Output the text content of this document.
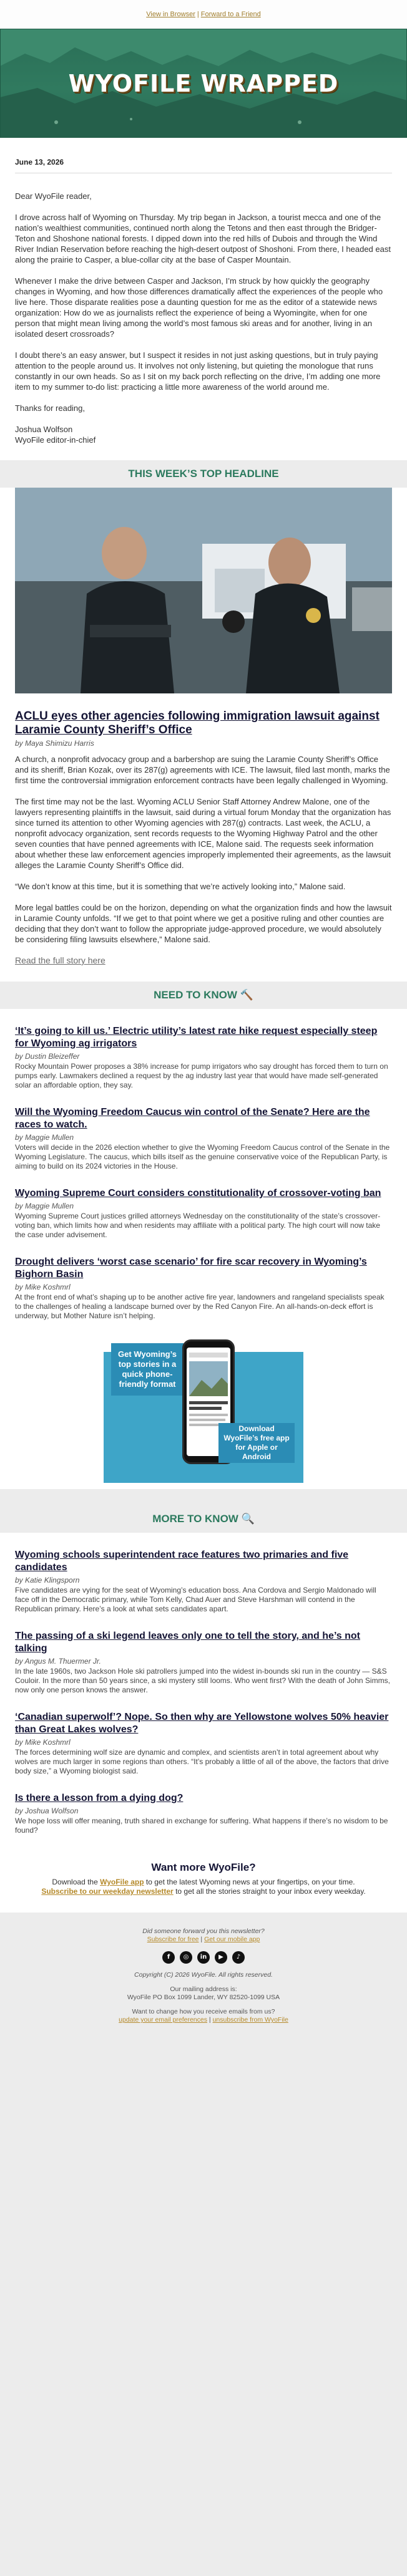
View in Browser | Forward to a Friend
WYOFILE WRAPPED
June 13, 2026

Dear WyoFile reader,

I drove across half of Wyoming on Thursday. My trip began in Jackson, a tourist mecca and one of the nation’s wealthiest communities, continued north along the Tetons and then east through the Bridger-Teton and Shoshone national forests. I dipped down into the red hills of Dubois and through the Wind River Indian Reservation before reaching the high-desert outpost of Shoshoni. From there, I headed east along the prairie to Casper, a blue-collar city at the base of Casper Mountain.

Whenever I make the drive between Casper and Jackson, I’m struck by how quickly the geography changes in Wyoming, and how those differences dramatically affect the experiences of the people who live here. Those disparate realities pose a daunting question for me as the editor of a statewide news organization: How do we as journalists reflect the experience of being a Wyomingite, when for one person that might mean living among the world’s most famous ski areas and for another, living in an isolated desert crossroads?

I doubt there’s an easy answer, but I suspect it resides in not just asking questions, but in truly paying attention to the people around us. It involves not only listening, but quieting the monologue that runs constantly in our own heads. So as I sit on my back porch reflecting on the drive, I’m adding one more item to my summer to-do list: practicing a little more awareness of the world around me.

Thanks for reading,

Joshua Wolfson
WyoFile editor-in-chief
THIS WEEK’S TOP HEADLINE
ACLU eyes other agencies following immigration lawsuit against Laramie County Sheriff’s Office
by Maya Shimizu Harris

A church, a nonprofit advocacy group and a barbershop are suing the Laramie County Sheriff’s Office and its sheriff, Brian Kozak, over its 287(g) agreements with ICE. The lawsuit, filed last month, marks the first time the controversial immigration enforcement contracts have been legally challenged in Wyoming.

The first time may not be the last. Wyoming ACLU Senior Staff Attorney Andrew Malone, one of the lawyers representing plaintiffs in the lawsuit, said during a virtual forum Monday that the organization has since turned its attention to other Wyoming agencies with 287(g) contracts. Last week, the ACLU, a nonprofit advocacy organization, sent records requests to the Wyoming Highway Patrol and the other seven counties that have penned agreements with ICE, Malone said. The requests seek information about whether these law enforcement agencies improperly implemented their agreements, as the lawsuit alleges the Laramie County Sheriff’s Office did.

“We don’t know at this time, but it is something that we’re actively looking into,” Malone said.

More legal battles could be on the horizon, depending on what the organization finds and how the lawsuit in Laramie County unfolds. “If we get to that point where we get a positive ruling and other counties are deciding that they don’t want to follow the appropriate judge-approved procedure, we would absolutely be considering filing lawsuits elsewhere,” Malone said.

Read the full story here
NEED TO KNOW 🔨
‘It’s going to kill us.’ Electric utility’s latest rate hike request especially steep for Wyoming ag irrigators
by Dustin Bleizeffer
Rocky Mountain Power proposes a 38% increase for pump irrigators who say drought has forced them to turn on pumps early. Lawmakers declined a request by the ag industry last year that would have made self-generated solar an affordable option, they say.
Will the Wyoming Freedom Caucus win control of the Senate? Here are the races to watch.
by Maggie Mullen
Voters will decide in the 2026 election whether to give the Wyoming Freedom Caucus control of the Senate in the Wyoming Legislature. The caucus, which bills itself as the genuine conservative voice of the Republican Party, is aiming to build on its 2024 victories in the House.
Wyoming Supreme Court considers constitutionality of crossover-voting ban
by Maggie Mullen
Wyoming Supreme Court justices grilled attorneys Wednesday on the constitutionality of the state’s crossover-voting ban, which limits how and when residents may affiliate with a political party. The high court will now take the case under advisement.
Drought delivers ‘worst case scenario’ for fire scar recovery in Wyoming’s Bighorn Basin
by Mike Koshmrl
At the front end of what’s shaping up to be another active fire year, landowners and rangeland specialists speak to the challenges of healing a landscape burned over by the Red Canyon Fire. An all-hands-on-deck effort is underway, but Mother Nature isn’t helping.
Get Wyoming’s top stories in a quick phone-friendly format
Download WyoFile’s free app for Apple or Android
MORE TO KNOW 🔍
Wyoming schools superintendent race features two primaries and five candidates
by Katie Klingsporn
Five candidates are vying for the seat of Wyoming’s education boss. Ana Cordova and Sergio Maldonado will face off in the Democratic primary, while Tom Kelly, Chad Auer and Steve Harshman will contend in the Republican primary. Here’s a look at what sets candidates apart.
The passing of a ski legend leaves only one to tell the story, and he’s not talking
by Angus M. Thuermer Jr.
In the late 1960s, two Jackson Hole ski patrollers jumped into the widest in-bounds ski run in the country — S&S Couloir. In the more than 50 years since, a ski mystery still looms. Who went first? With the death of John Simms, now only one person knows the answer.
‘Canadian superwolf’? Nope. So then why are Yellowstone wolves 50% heavier than Great Lakes wolves?
by Mike Koshmrl
The forces determining wolf size are dynamic and complex, and scientists aren’t in total agreement about why wolves are much larger in some regions than others. “It’s probably a little of all of the above, the factors that drive body size,” a Wyoming biologist said.
Is there a lesson from a dying dog?
by Joshua Wolfson
We hope loss will offer meaning, truth shared in exchange for suffering. What happens if there’s no wisdom to be found?
Want more WyoFile?
Download the WyoFile app to get the latest Wyoming news at your fingertips, on your time.
Subscribe to our weekday newsletter to get all the stories straight to your inbox every weekday.
Did someone forward you this newsletter?
Subscribe for free | Get our mobile app
f	◎	in	▶	♪
Copyright (C) 2026 WyoFile. All rights reserved.
Our mailing address is:
WyoFile PO Box 1099 Lander, WY 82520-1099 USA
Want to change how you receive emails from us?
update your email preferences | unsubscribe from WyoFile
